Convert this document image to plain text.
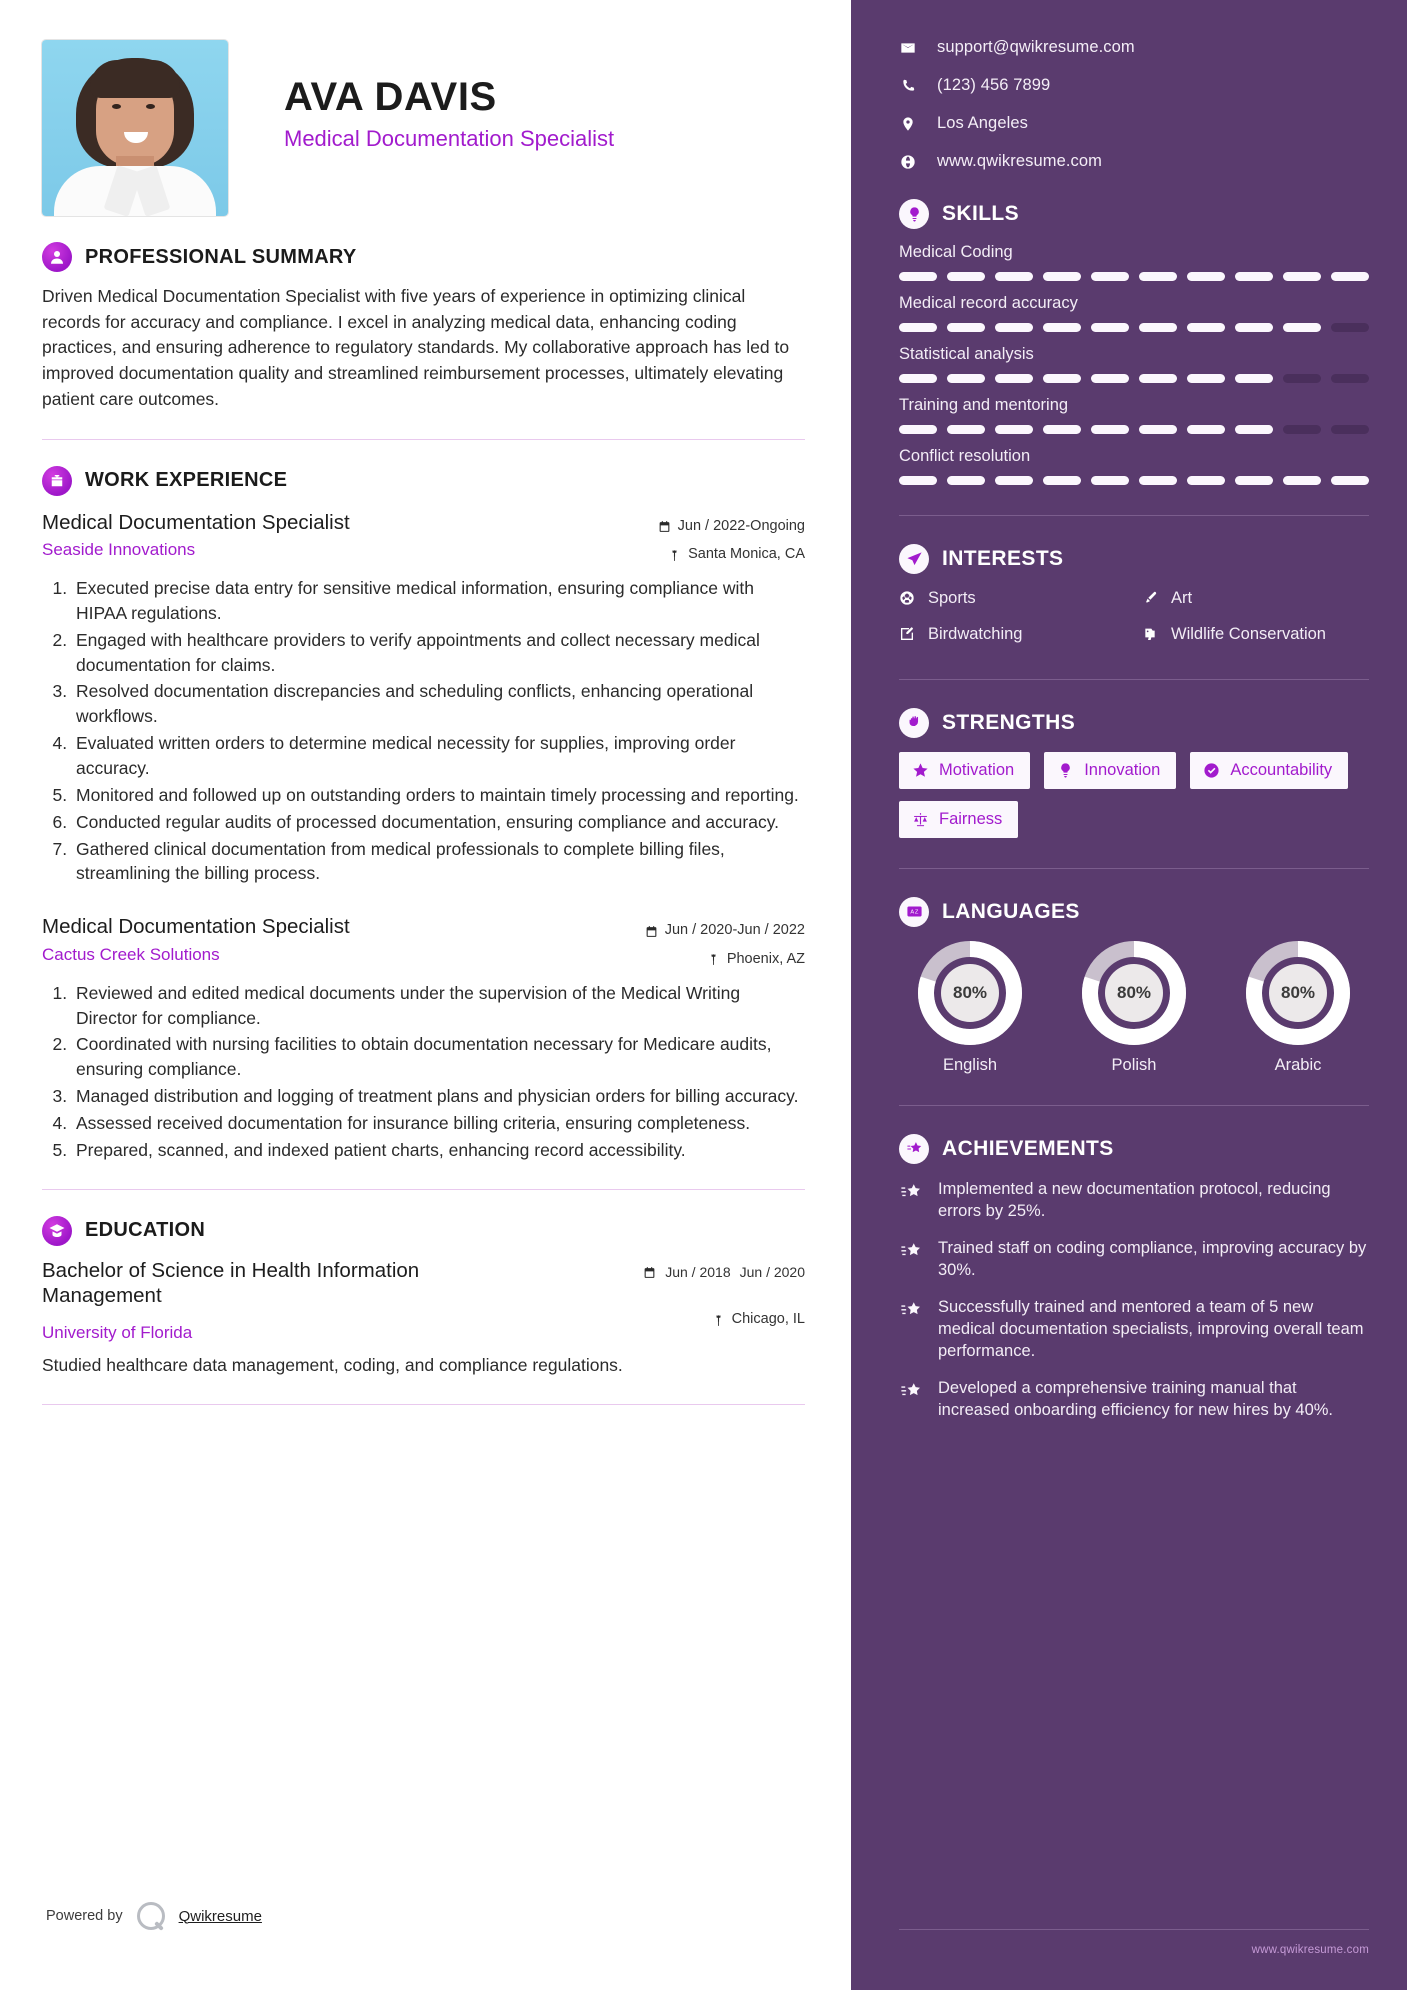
AVA DAVIS
Medical Documentation Specialist
PROFESSIONAL SUMMARY
Driven Medical Documentation Specialist with five years of experience in optimizing clinical records for accuracy and compliance. I excel in analyzing medical data, enhancing coding practices, and ensuring adherence to regulatory standards. My collaborative approach has led to improved documentation quality and streamlined reimbursement processes, ultimately elevating patient care outcomes.
WORK EXPERIENCE
Medical Documentation Specialist
Seaside Innovations
Jun / 2022-Ongoing
Santa Monica, CA
1. Executed precise data entry for sensitive medical information, ensuring compliance with HIPAA regulations.
2. Engaged with healthcare providers to verify appointments and collect necessary medical documentation for claims.
3. Resolved documentation discrepancies and scheduling conflicts, enhancing operational workflows.
4. Evaluated written orders to determine medical necessity for supplies, improving order accuracy.
5. Monitored and followed up on outstanding orders to maintain timely processing and reporting.
6. Conducted regular audits of processed documentation, ensuring compliance and accuracy.
7. Gathered clinical documentation from medical professionals to complete billing files, streamlining the billing process.
Medical Documentation Specialist
Cactus Creek Solutions
Jun / 2020-Jun / 2022
Phoenix, AZ
1. Reviewed and edited medical documents under the supervision of the Medical Writing Director for compliance.
2. Coordinated with nursing facilities to obtain documentation necessary for Medicare audits, ensuring compliance.
3. Managed distribution and logging of treatment plans and physician orders for billing accuracy.
4. Assessed received documentation for insurance billing criteria, ensuring completeness.
5. Prepared, scanned, and indexed patient charts, enhancing record accessibility.
EDUCATION
Bachelor of Science in Health Information Management
University of Florida
Jun / 2018 Jun / 2020
Chicago, IL
Studied healthcare data management, coding, and compliance regulations.
Powered by	Qwikresume
support@qwikresume.com
(123) 456 7899
Los Angeles
www.qwikresume.com
SKILLS
Medical Coding
Medical record accuracy
Statistical analysis
Training and mentoring
Conflict resolution
INTERESTS
Sports	Art
Birdwatching	Wildlife Conservation
STRENGTHS
Motivation	Innovation	Accountability
Fairness
A Z LANGUAGES
80%
English
80%
Polish
80%
Arabic
ACHIEVEMENTS
Implemented a new documentation protocol, reducing errors by 25%.
Trained staff on coding compliance, improving accuracy by 30%.
Successfully trained and mentored a team of 5 new medical documentation specialists, improving overall team performance.
Developed a comprehensive training manual that increased onboarding efficiency for new hires by 40%.
www.qwikresume.com
